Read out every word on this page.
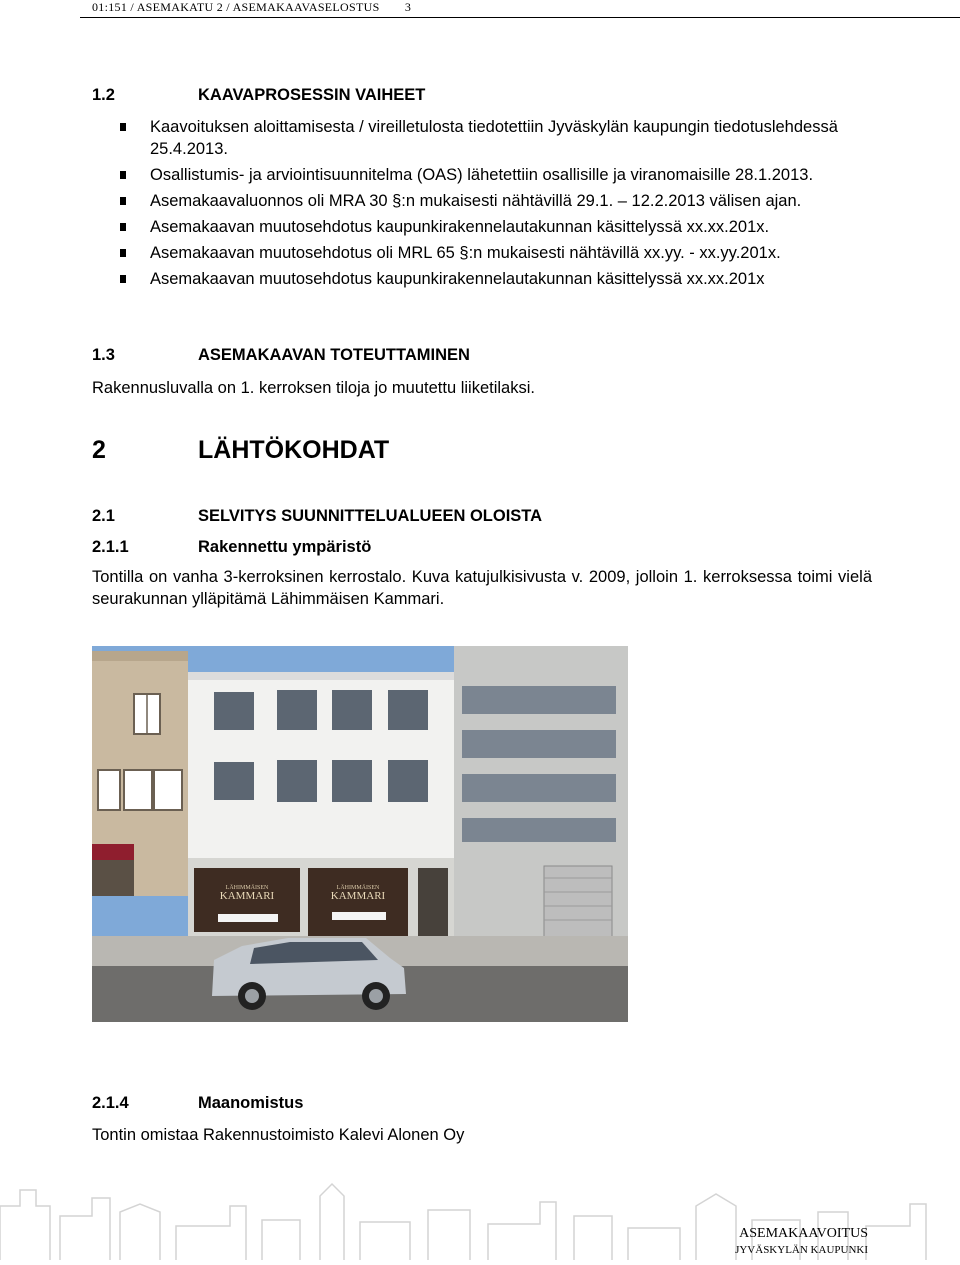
01:151 / ASEMAKATU 2 / ASEMAKAAVASELOSTUS 3
1.2	KAAVAPROSESSIN VAIHEET
Kaavoituksen aloittamisesta / vireilletulosta tiedotettiin Jyväskylän kaupungin tiedotuslehdessä 25.4.2013.
Osallistumis- ja arviointisuunnitelma (OAS) lähetettiin osallisille ja viranomaisille 28.1.2013.
Asemakaavaluonnos oli MRA 30 §:n mukaisesti nähtävillä 29.1. – 12.2.2013 välisen ajan.
Asemakaavan muutosehdotus kaupunkirakennelautakunnan käsittelyssä xx.xx.201x.
Asemakaavan muutosehdotus oli MRL 65 §:n mukaisesti nähtävillä xx.yy. - xx.yy.201x.
Asemakaavan muutosehdotus kaupunkirakennelautakunnan käsittelyssä xx.xx.201x
1.3	ASEMAKAAVAN TOTEUTTAMINEN
Rakennusluvalla on 1. kerroksen tiloja jo muutettu liiketilaksi.
2	LÄHTÖKOHDAT
2.1	SELVITYS SUUNNITTELUALUEEN OLOISTA
2.1.1	Rakennettu ympäristö
Tontilla on vanha 3-kerroksinen kerrostalo. Kuva katujulkisivusta v. 2009, jolloin 1. kerroksessa toimi vielä seurakunnan ylläpitämä Lähimmäisen Kammari.
LÄHIMMÄISEN
KAMMARI
LÄHIMMÄISEN
KAMMARI
2.1.4	Maanomistus
Tontin omistaa Rakennustoimisto Kalevi Alonen Oy
ASEMAKAAVOITUS
JYVÄSKYLÄN KAUPUNKI
